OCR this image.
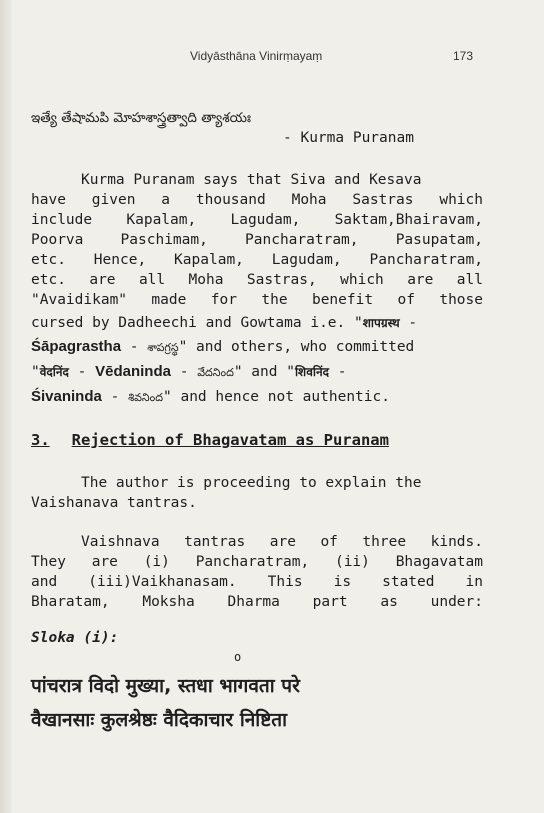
Vidyāsthāna Vinirṃayaṃ	173
ఇత్యే తేషామపి మోహశాస్త్రత్వాది త్యాశయః
- Kurma Puranam
Kurma Puranam says that Siva and Kesava
have given a thousand Moha Sastras which
include Kapalam, Lagudam, Saktam,Bhairavam,
Poorva Paschimam, Pancharatram, Pasupatam,
etc. Hence, Kapalam, Lagudam, Pancharatram,
etc. are all Moha Sastras, which are all
"Avaidikam" made for the benefit of those
cursed by Dadheechi and Gowtama i.e. "शापग्रस्थ -
Śāpagrastha - శాపగ్రస్థ" and others, who committed
"वेदनिंद - Vēdaninda - వేదనింద" and "शिवनिंद -
Śivaninda - శివనింద" and hence not authentic.
3. Rejection of Bhagavatam as Puranam
The author is proceeding to explain the
Vaishanava tantras.
Vaishnava tantras are of three kinds.
They are (i) Pancharatram, (ii) Bhagavatam
and (iii)Vaikhanasam. This is stated in
Bharatam, Moksha Dharma part as under:
Sloka (i):
o
पांचरात्र विदो मुख्या, स्तधा भागवता परे
वैखानसाः कुलश्रेष्ठः वैदिकाचार निष्टिता
